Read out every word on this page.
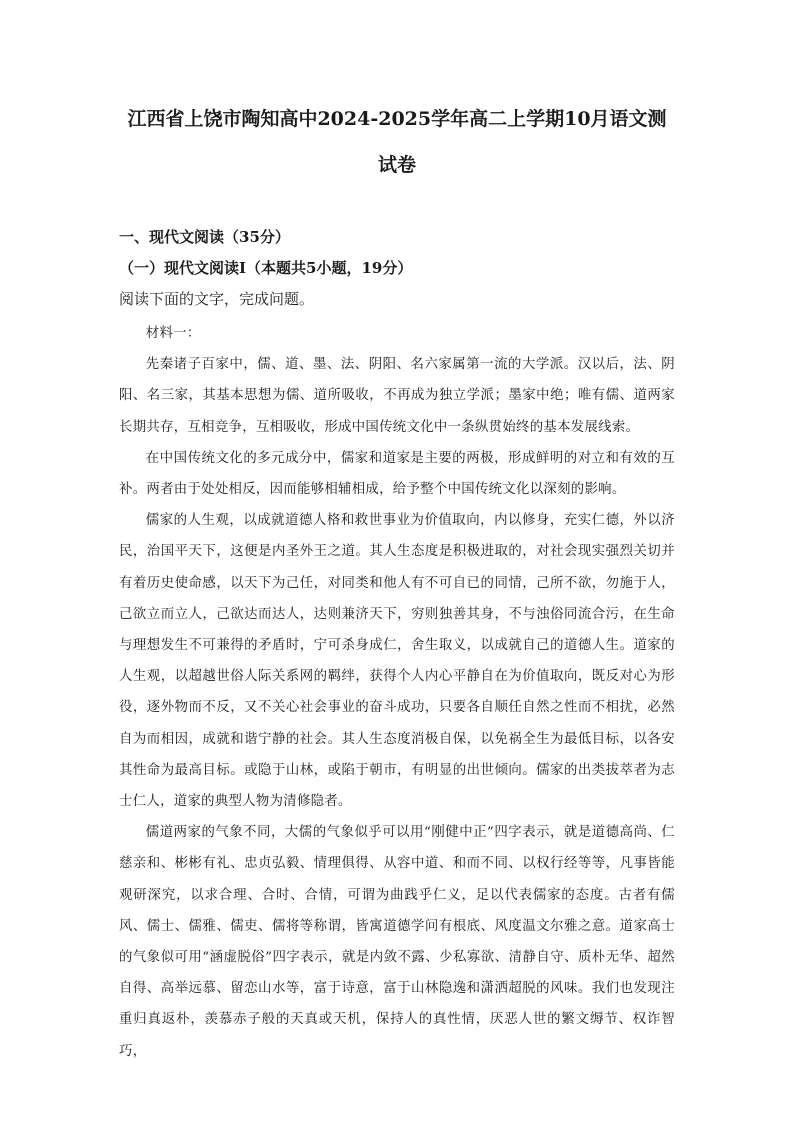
江西省上饶市陶知高中2024-2025学年高二上学期10月语文测
试卷
一、现代文阅读（35分）
（一）现代文阅读Ⅰ（本题共5小题，19分）
阅读下面的文字，完成问题。

材料一：

先秦诸子百家中，儒、道、墨、法、阴阳、名六家属第一流的大学派。汉以后，法、阴阳、名三家，其基本思想为儒、道所吸收，不再成为独立学派；墨家中绝；唯有儒、道两家长期共存，互相竞争，互相吸收，形成中国传统文化中一条纵贯始终的基本发展线索。

在中国传统文化的多元成分中，儒家和道家是主要的两极，形成鲜明的对立和有效的互补。两者由于处处相反，因而能够相辅相成，给予整个中国传统文化以深刻的影响。

儒家的人生观，以成就道德人格和救世事业为价值取向，内以修身，充实仁德，外以济民，治国平天下，这便是内圣外王之道。其人生态度是积极进取的，对社会现实强烈关切并有着历史使命感，以天下为己任，对同类和他人有不可自已的同情，己所不欲，勿施于人，己欲立而立人，己欲达而达人，达则兼济天下，穷则独善其身，不与浊俗同流合污，在生命与理想发生不可兼得的矛盾时，宁可杀身成仁，舍生取义，以成就自己的道德人生。道家的人生观，以超越世俗人际关系网的羁绊，获得个人内心平静自在为价值取向，既反对心为形役，逐外物而不反，又不关心社会事业的奋斗成功，只要各自顺任自然之性而不相扰，必然自为而相因，成就和谐宁静的社会。其人生态度消极自保，以免祸全生为最低目标，以各安其性命为最高目标。或隐于山林，或陷于朝市，有明显的出世倾向。儒家的出类拔萃者为志士仁人，道家的典型人物为清修隐者。

儒道两家的气象不同，大儒的气象似乎可以用“刚健中正”四字表示，就是道德高尚、仁慈亲和、彬彬有礼、忠贞弘毅、情理俱得、从容中道、和而不同、以权行经等等，凡事皆能观研深究，以求合理、合时、合情，可谓为曲践乎仁义，足以代表儒家的态度。古者有儒风、儒士、儒雅、儒吏、儒将等称谓，皆寓道德学问有根底、风度温文尔雅之意。道家高士的气象似可用“涵虚脱俗”四字表示，就是内敛不露、少私寡欲、清静自守、质朴无华、超然自得、高举远慕、留恋山水等，富于诗意，富于山林隐逸和潇洒超脱的风味。我们也发现注重归真返朴，羡慕赤子般的天真或天机，保持人的真性情，厌恶人世的繁文缛节、权诈智巧，
